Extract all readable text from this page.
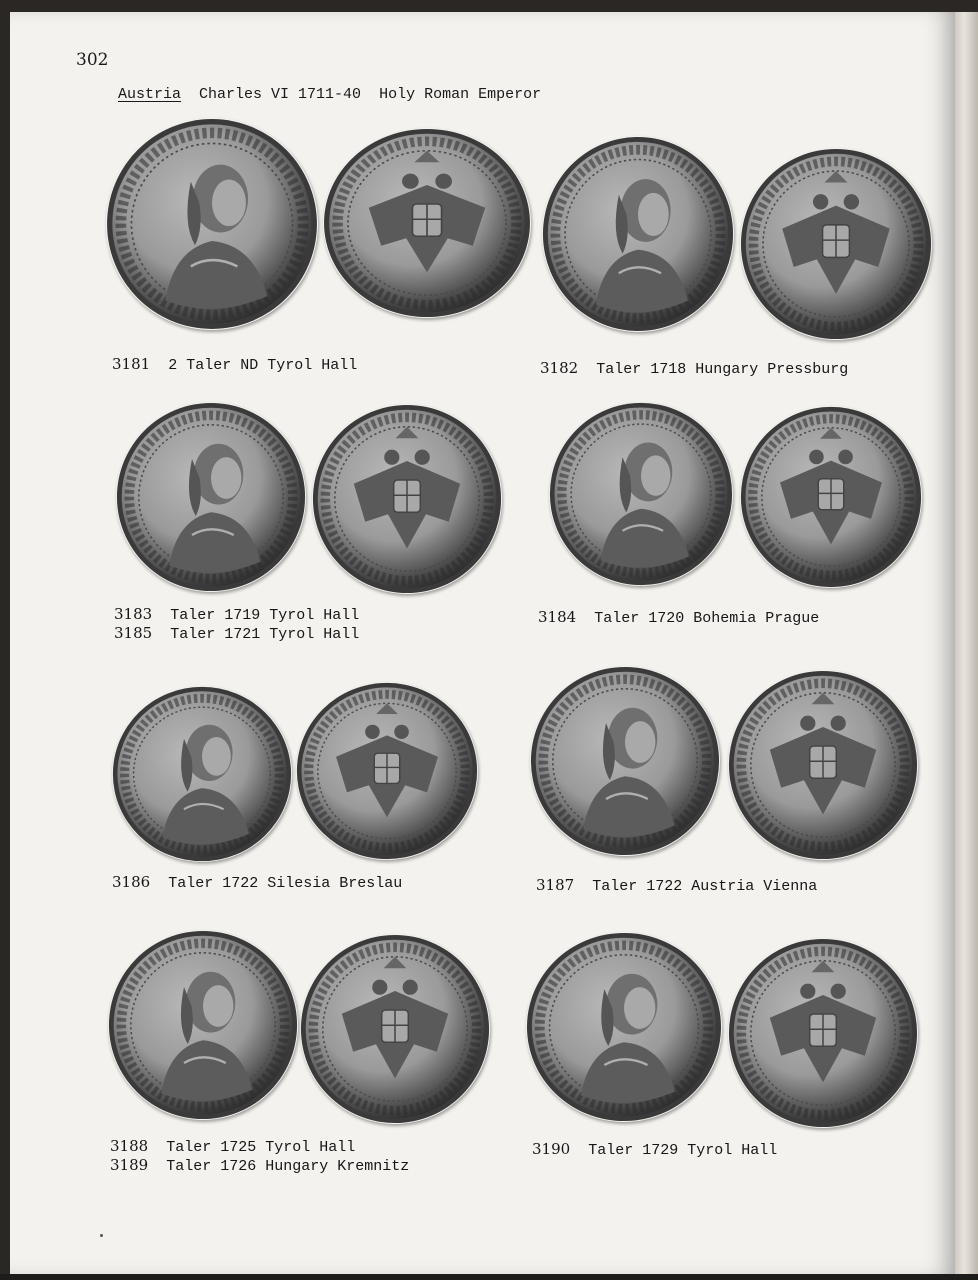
302
Austria Charles VI 1711-40 Holy Roman Emperor
3181 2 Taler ND Tyrol Hall	3182 Taler 1718 Hungary Pressburg
3183 Taler 1719 Tyrol Hall
3185 Taler 1721 Tyrol Hall
3184 Taler 1720 Bohemia Prague
3186 Taler 1722 Silesia Breslau	3187 Taler 1722 Austria Vienna
3188 Taler 1725 Tyrol Hall
3189 Taler 1726 Hungary Kremnitz
3190 Taler 1729 Tyrol Hall
